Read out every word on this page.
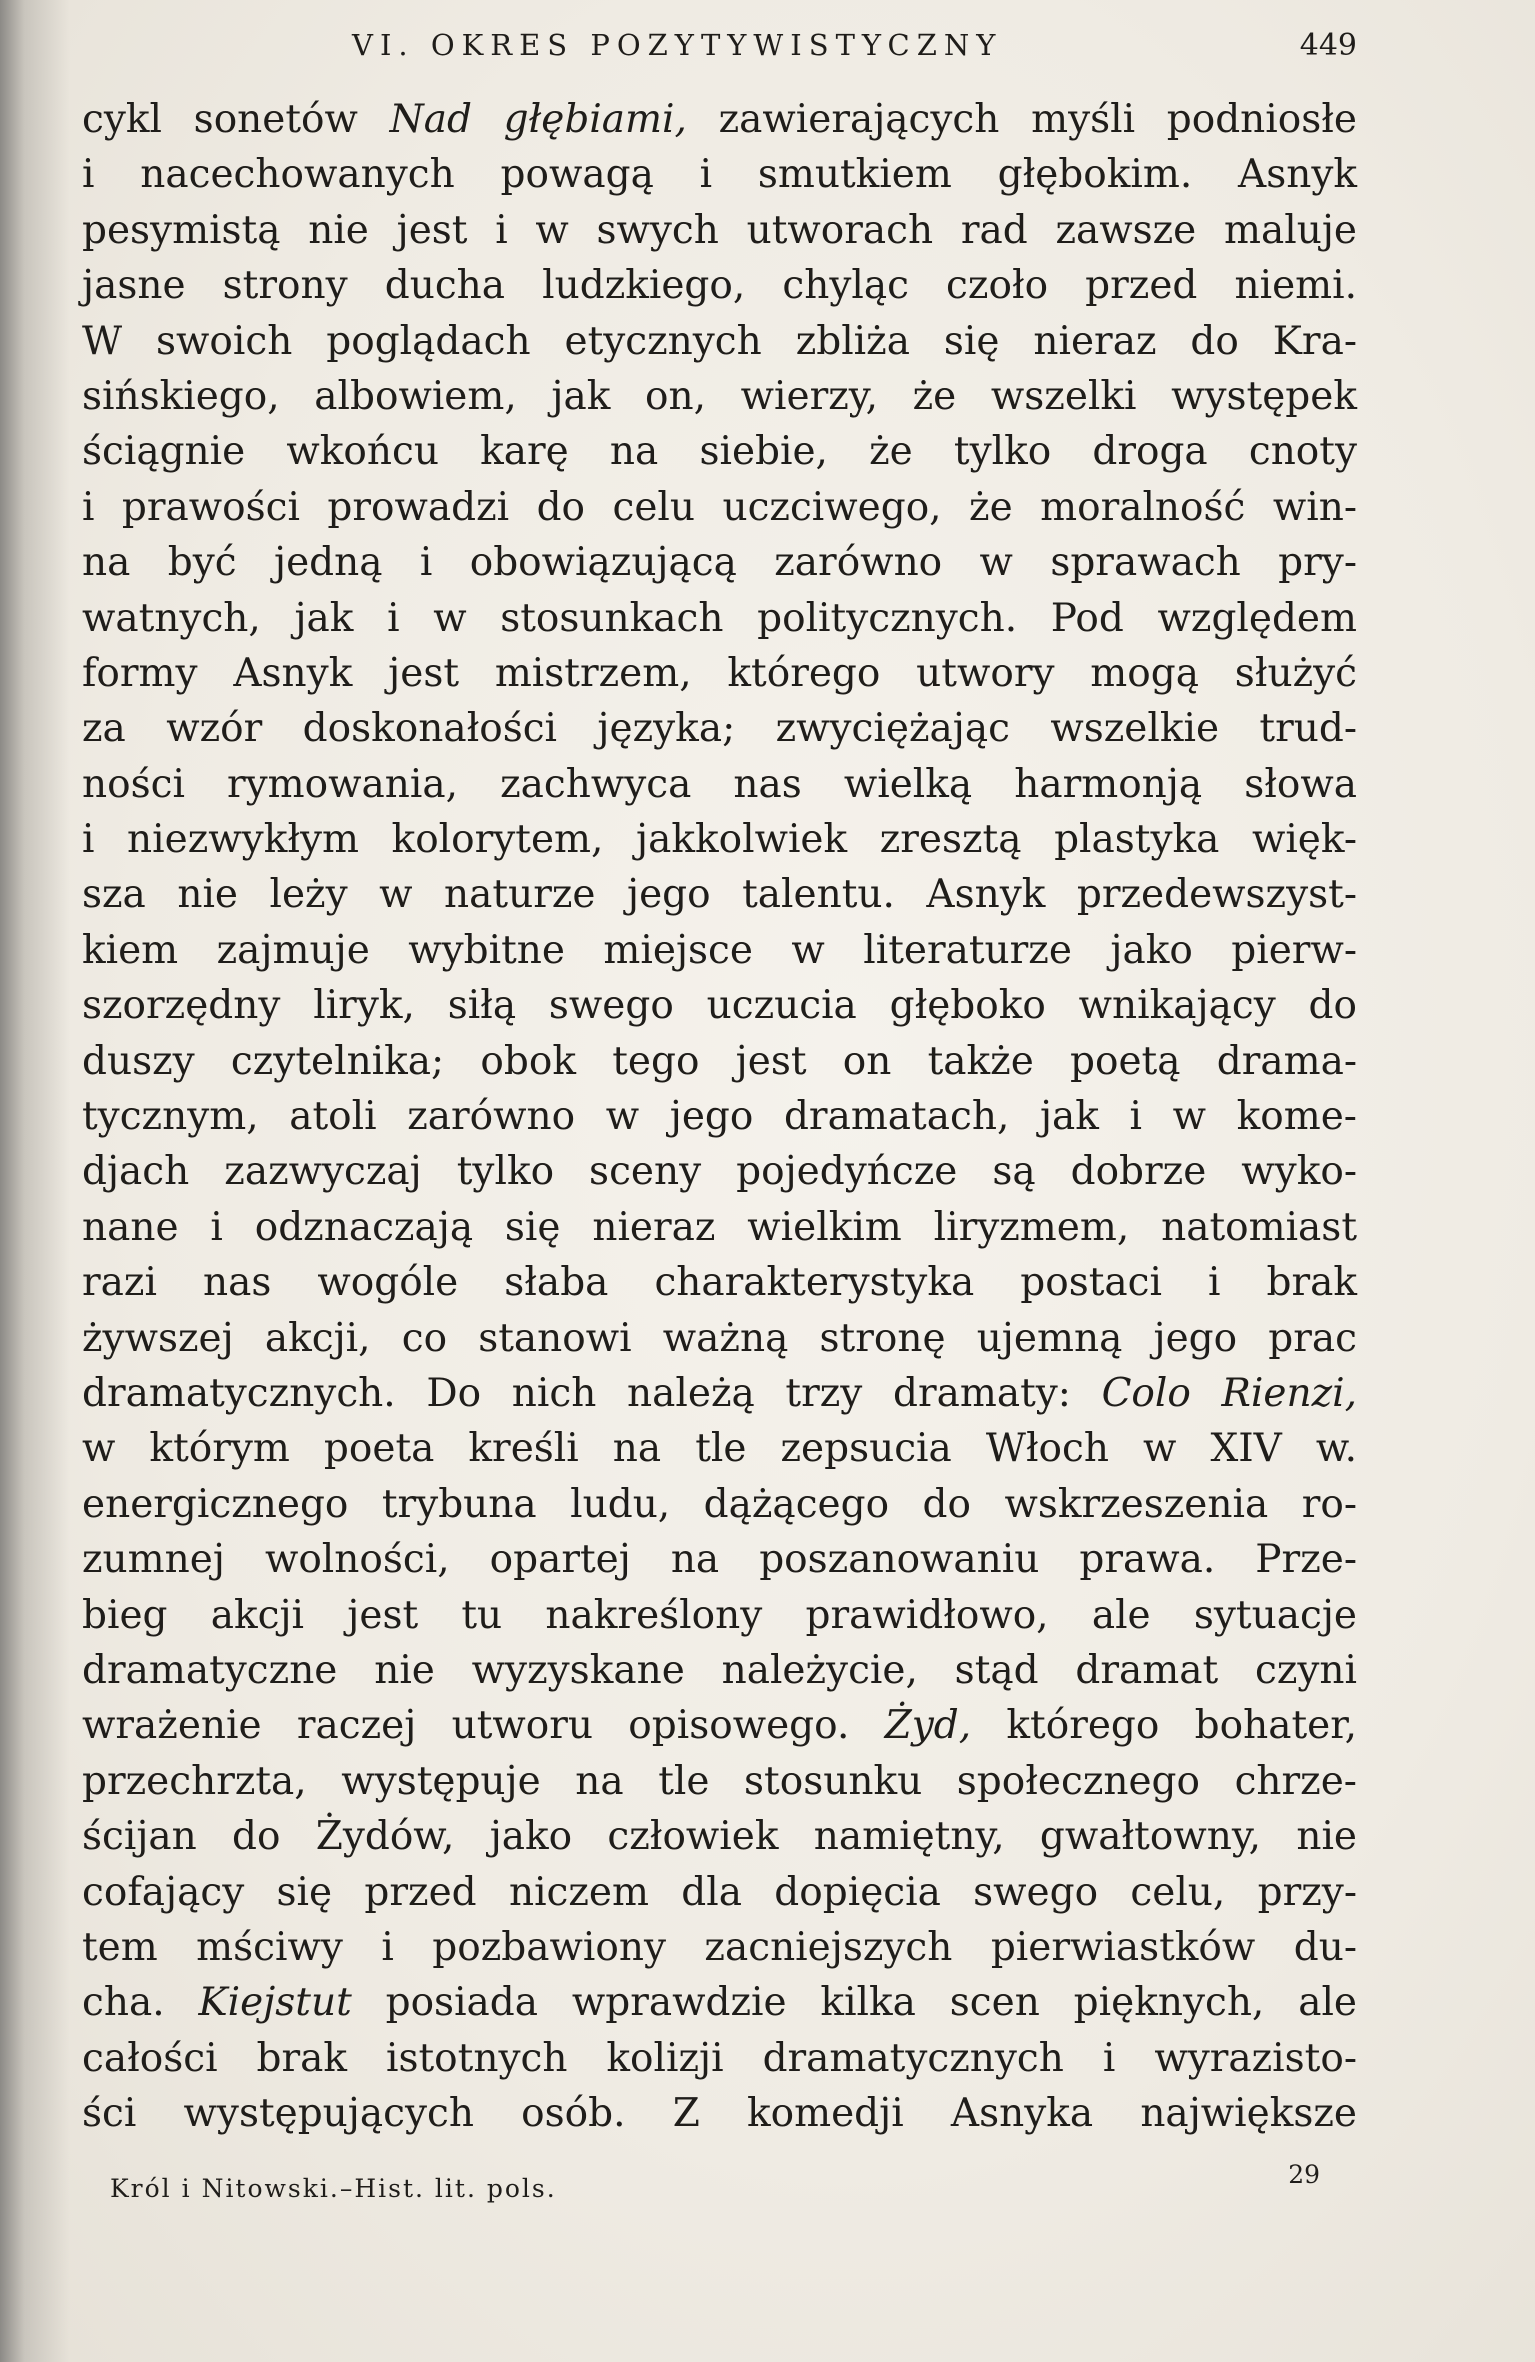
VI. OKRES POZYTYWISTYCZNY	449
cykl sonetów Nad głębiami, zawierających myśli podniosłe
i nacechowanych powagą i smutkiem głębokim. Asnyk
pesymistą nie jest i w swych utworach rad zawsze maluje
jasne strony ducha ludzkiego, chyląc czoło przed niemi.
W swoich poglądach etycznych zbliża się nieraz do Kra-
sińskiego, albowiem, jak on, wierzy, że wszelki występek
ściągnie wkońcu karę na siebie, że tylko droga cnoty
i prawości prowadzi do celu uczciwego, że moralność win-
na być jedną i obowiązującą zarówno w sprawach pry-
watnych, jak i w stosunkach politycznych. Pod względem
formy Asnyk jest mistrzem, którego utwory mogą służyć
za wzór doskonałości języka; zwyciężając wszelkie trud-
ności rymowania, zachwyca nas wielką harmonją słowa
i niezwykłym kolorytem, jakkolwiek zresztą plastyka więk-
sza nie leży w naturze jego talentu. Asnyk przedewszyst-
kiem zajmuje wybitne miejsce w literaturze jako pierw-
szorzędny liryk, siłą swego uczucia głęboko wnikający do
duszy czytelnika; obok tego jest on także poetą drama-
tycznym, atoli zarówno w jego dramatach, jak i w kome-
djach zazwyczaj tylko sceny pojedyńcze są dobrze wyko-
nane i odznaczają się nieraz wielkim liryzmem, natomiast
razi nas wogóle słaba charakterystyka postaci i brak
żywszej akcji, co stanowi ważną stronę ujemną jego prac
dramatycznych. Do nich należą trzy dramaty: Colo Rienzi,
w którym poeta kreśli na tle zepsucia Włoch w XIV w.
energicznego trybuna ludu, dążącego do wskrzeszenia ro-
zumnej wolności, opartej na poszanowaniu prawa. Prze-
bieg akcji jest tu nakreślony prawidłowo, ale sytuacje
dramatyczne nie wyzyskane należycie, stąd dramat czyni
wrażenie raczej utworu opisowego. Żyd, którego bohater,
przechrzta, występuje na tle stosunku społecznego chrze-
ścijan do Żydów, jako człowiek namiętny, gwałtowny, nie
cofający się przed niczem dla dopięcia swego celu, przy-
tem mściwy i pozbawiony zacniejszych pierwiastków du-
cha. Kiejstut posiada wprawdzie kilka scen pięknych, ale
całości brak istotnych kolizji dramatycznych i wyrazisto-
ści występujących osób. Z komedji Asnyka największe
Król i Nitowski.–Hist. lit. pols.	29
